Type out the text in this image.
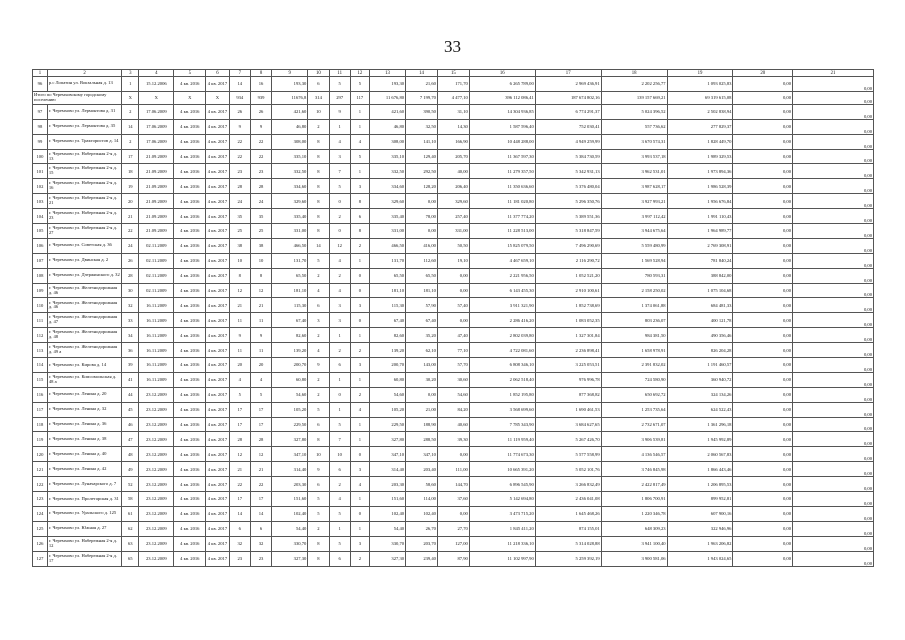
33
1	2	3	4	5	6	7	8	9	10	11	12	13	14	15	16	17	18	19	20	21
96	р.с Лопатин ул. Вокзальная д. 13	1	15.12.2006	4 кв. 2016	4 кв. 2017	14	16	193,30	6	5	5	193,30	21,60	171,70	6 265 789,00	2 969 436,91	2 202 256,77	1 093 025,83	0,00	0,00
Итого по Черемховскому городскому поселению		X	X	X	X	934	939	11676,8	314	297	117	11 676,80	7 199,70	4 477,10	396 112 086,41	187 674 802,16	139 157 669,21	69 319 615,08	0,00	0,00
97	г. Черемхово ул. Лермонтова д. 31	2	17.06.2009	4 кв. 2016	4 кв. 2017	26	26	421,60	10	9	1	421,60	390,50	31,10	14 304 936,85	6 774 291,37	5 024 396,52	2 502 838,94	0,00	0,00
98	г. Черемхово ул. Лермонтова д. 35	14	17.06.2009	4 кв. 2016	4 кв. 2017	9	9	46,80	2	1	1	46,80	32,50	14,30	1 587 596,40	752 030,41	557 736,62	277 829,37	0,00	0,00
99	г. Черемхово ул. Трактористов д. 14	2	17.06.2009	4 кв. 2016	4 кв. 2017	22	22	308,00	8	4	4	308,00	141,10	166,90	10 448 288,00	4 949 259,99	3 670 574,31	1 828 449,70	0,00	0,00
100	г. Черемхово ул. Набережная 2-я д. 13	17	21.09.2009	4 кв. 2016	4 кв. 2017	22	22	335,10	8	3	5	335,10	129,40	205,70	11 367 597,30	5 384 730,59	3 993 537,18	1 989 329,53	0,00	0,00
101	г. Черемхово ул. Набережная 2-я д. 15	18	21.09.2009	4 кв. 2016	4 кв. 2017	23	23	332,50	8	7	1	332,50	292,50	40,00	11 279 357,50	5 342 931,13	3 962 531,01	1 973 894,36	0,00	0,00
102	г. Черемхово ул. Набережная 2-я д. 16	19	21.09.2009	4 кв. 2016	4 кв. 2017	28	28	334,60	8	5	3	334,60	128,20	206,40	11 350 636,60	5 376 480,04	3 987 628,17	1 986 528,39	0,00	0,00
103	г. Черемхово ул. Набережная 2-я д. 21	20	21.09.2009	4 кв. 2016	4 кв. 2017	24	24	329,60	8	0	8	329,60	0,00	329,60	11 181 020,80	5 296 350,76	3 927 993,21	1 956 676,84	0,00	0,00
104	г. Черемхово ул. Набережная 2-я д. 23	21	21.09.2009	4 кв. 2016	4 кв. 2017	35	35	335,40	8	2	6	335,40	78,00	257,40	11 377 774,20	5 389 551,36	3 997 112,42	1 991 110,43	0,00	0,00
105	г. Черемхово ул. Набережная 2-я д. 27	22	21.09.2009	4 кв. 2016	4 кв. 2017	25	25	331,00	8	0	8	331,00	0,00	331,00	11 228 513,00	5 318 847,59	3 944 675,64	1 964 989,77	0,00	0,00
106	г. Черемхово ул. Советская д. 36	24	02.11.2009	4 кв. 2016	4 кв. 2017	38	38	466,50	14	12	2	466,50	416,00	50,50	15 825 079,50	7 496 290,69	5 559 480,99	2 769 308,91	0,00	0,00
107	г. Черемхово ул. Двинская д. 2	26	02.11.2009	4 кв. 2016	4 кв. 2017	10	10	131,70	5	4	1	131,70	112,60	19,10	4 467 659,10	2 116 290,72	1 569 528,94	781 840,24	0,00	0,00
108	г. Черемхово ул. Дзержинского д. 32	28	02.11.2009	4 кв. 2016	4 кв. 2017	8	8	65,50	2	2	0	65,50	65,50	0,00	2 221 956,50	1 052 521,20	780 593,31	388 842,00	0,00	0,00
109	г. Черемхово ул. Железнодорожная д. 46	30	02.11.2009	4 кв. 2016	4 кв. 2017	12	12	181,10	4	4	0	181,10	181,10	0,00	6 143 455,30	2 910 100,61	2 158 250,02	1 075 104,68	0,00	0,00
110	г. Черемхово ул. Железнодорожная д. 46	32	16.11.2009	4 кв. 2016	4 кв. 2017	21	21	115,30	6	3	3	115,30	57,90	57,40	3 911 321,90	1 852 738,69	1 374 061,88	684 481,33	0,00	0,00
111	г. Черемхово ул. Железнодорожная д. 47	33	16.11.2009	4 кв. 2016	4 кв. 2017	11	11	67,40	3	3	0	67,40	67,40	0,00	2 286 416,20	1 083 052,35	803 236,07	400 121,78	0,00	0,00
112	г. Черемхово ул. Железнодорожная д. 48	34	16.11.2009	4 кв. 2016	4 кв. 2017	9	9	82,60	2	1	1	82,60	35,20	47,40	2 802 039,80	1 327 301,84	984 381,50	490 356,46	0,00	0,00
113	г. Черемхово ул. Железнодорожная д. 49 а	36	16.11.2009	4 кв. 2016	4 кв. 2017	11	11	139,20	4	2	2	139,20	62,10	77,10	4 722 081,60	2 236 898,41	1 658 978,91	826 204,28	0,00	0,00
114	г. Черемхово ул. Кирова д. 14	39	16.11.2009	4 кв. 2016	4 кв. 2017	20	20	200,70	9	6	3	200,70	143,00	57,70	6 808 346,10	3 225 053,51	2 391 832,02	1 191 460,57	0,00	0,00
115	г. Черемхово ул. Комсомольская д. 48 а	41	16.11.2009	4 кв. 2016	4 кв. 2017	4	4	60,80	2	1	1	60,80	30,20	30,60	2 062 518,40	976 996,78	724 580,90	360 940,72	0,00	0,00
116	г. Черемхово ул. Ленина д. 20	44	23.12.2009	4 кв. 2016	4 кв. 2017	5	5	54,60	2	0	2	54,60	0,00	54,60	1 852 195,80	877 368,82	650 692,72	324 134,26	0,00	0,00
117	г. Черемхово ул. Ленина д. 32	45	23.12.2009	4 кв. 2016	4 кв. 2017	17	17	105,20	5	1	4	105,20	21,00	84,20	3 568 699,60	1 690 461,53	1 253 735,64	624 522,43	0,00	0,00
118	г. Черемхово ул. Ленина д. 36	46	23.12.2009	4 кв. 2016	4 кв. 2017	17	17	229,50	6	5	1	229,50	188,90	40,60	7 785 343,90	3 684 627,65	2 732 671,07	1 361 296,18	0,00	0,00
119	г. Черемхово ул. Ленина д. 38	47	23.12.2009	4 кв. 2016	4 кв. 2017	28	28	327,80	8	7	1	327,80	288,50	39,30	11 119 959,40	5 267 426,70	3 906 539,81	1 945 992,89	0,00	0,00
120	г. Черемхово ул. Ленина д. 40	48	23.12.2009	4 кв. 2016	4 кв. 2017	12	12	347,10	10	10	0	347,10	347,10	0,00	11 774 673,30	5 577 558,99	4 136 546,57	2 060 567,83	0,00	0,00
121	г. Черемхово ул. Ленина д. 42	49	23.12.2009	4 кв. 2016	4 кв. 2017	21	21	314,40	9	6	3	314,40	203,40	111,00	10 665 391,20	5 052 101,76	3 746 845,98	1 866 443,46	0,00	0,00
122	г. Черемхово ул. Луначарского д. 7	52	23.12.2009	4 кв. 2016	4 кв. 2017	22	22	203,30	6	2	4	203,30	58,60	144,70	6 896 545,90	3 266 832,49	2 422 817,49	1 206 895,53	0,00	0,00
123	г. Черемхово ул. Пролетарская д. 31	58	23.12.2009	4 кв. 2016	4 кв. 2017	17	17	151,60	5	4	1	151,60	114,00	37,60	5 142 694,80	2 436 041,08	1 806 700,91	899 952,81	0,00	0,00
124	г. Черемхово ул. Уральского д. 125	61	23.12.2009	4 кв. 2016	4 кв. 2017	14	14	102,40	5	5	0	102,40	102,40	0,00	3 473 715,20	1 645 468,26	1 220 346,78	607 900,16	0,00	0,00
125	г. Черемхово ул. Южная д. 27	62	23.12.2009	4 кв. 2016	4 кв. 2017	6	6	54,40	2	1	1	54,40	26,70	27,70	1 845 411,20	874 155,01	648 309,23	322 946,96	0,00	0,00
126	г. Черемхово ул. Набережная 2-я д. 12	63	23.12.2009	4 кв. 2016	4 кв. 2017	32	32	330,70	8	5	3	330,70	203,70	127,00	11 218 336,10	5 314 028,88	3 941 100,40	1 963 206,82	0,00	0,00
127	г. Черемхово ул. Набережная 2-я д. 17	65	23.12.2009	4 кв. 2016	4 кв. 2017	23	23	327,30	8	6	2	327,30	239,40	87,90	11 102 997,90	5 259 392,19	3 900 581,06	1 943 024,65	0,00	0,00
